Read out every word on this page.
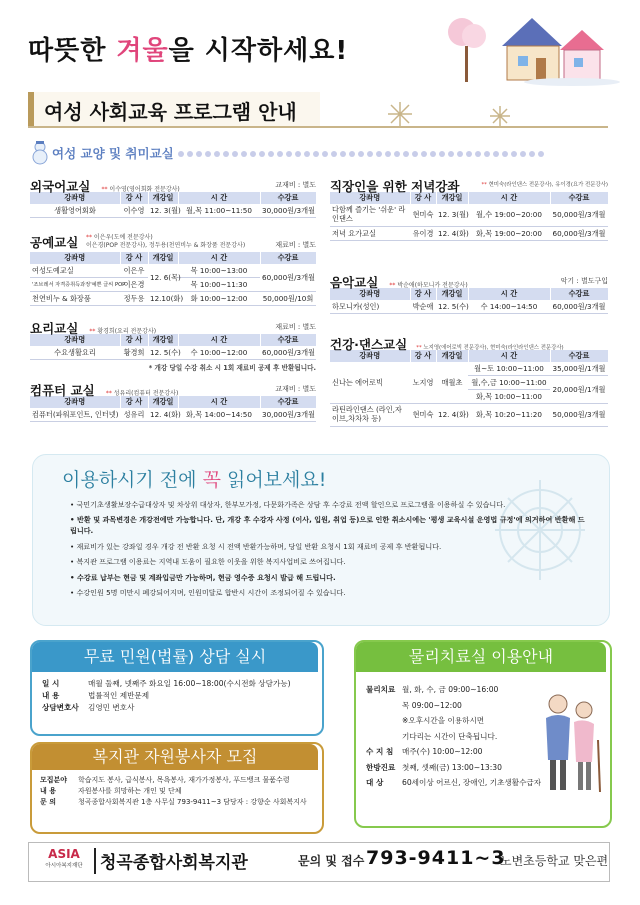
따뜻한 겨울을 시작하세요!
여성 사회교육 프로그램 안내
여성 교양 및 취미교실
외국어교실 ** 이수영(영어회화 전문강사)
교재비 : 별도
강좌명	강 사	개강일	시 간	수강료
생활영어회화	이수영	12. 3(월)	월,목 11:00~11:50	30,000원/3개월
공예교실 ** 이은우(도예 전문강사)
이은경(POP 전문강사), 정두용(천연비누 & 화장품 전문강사)	재료비 : 별도
강좌명	강 사	개강일	시 간	수강료
여성도예교실	이은우	12. 6(목)	목 10:00~13:00	60,000원/3개월
'조브레서 자격증취득과정'예쁜 글씨 POP	이은경		목 10:00~11:30	
천연비누 & 화장품	정두용	12.10(화)	화 10:00~12:00	50,000원/10회
요리교실 ** 황경희(요리 전문강사)
재료비 : 별도
강좌명	강 사	개강일	시 간	수강료
수요생활요리	황경희	12. 5(수)	수 10:00~12:00	60,000원/3개월
* 개강 당일 수강 취소 시 1회 재료비 공제 후 반환됩니다.
컴퓨터 교실 ** 성유리(컴퓨터 전문강사)
교재비 : 별도
강좌명	강 사	개강일	시 간	수강료
컴퓨터(파워포인트, 인터넷)	성유리	12. 4(화)	화,목 14:00~14:50	30,000원/3개월
직장인을 위한 저녁강좌	** 현미숙(라인댄스 전문강사), 유이경(요가 전문강사)
강좌명	강 사	개강일	시 간	수강료
다함께 즐기는 '쉬운' 라인댄스	현미숙	12. 3(월)	월,수 19:00~20:00	50,000원/3개월
저녁 요가교실	유이경	12. 4(화)	화,목 19:00~20:00	60,000원/3개월
음악교실 ** 박순애(하모니카 전문강사)
악기 : 별도구입
강좌명	강 사	개강일	시 간	수강료
하모니카(성인)	박순애	12. 5(수)	수 14:00~14:50	60,000원/3개월
건강·댄스교실 ** 노지영(에어로빅 전문강사), 현미숙(라인라인댄스 전문강사)
강좌명	강 사	개강일	시 간	수강료
신나는 에어로빅	노지영	매월초	월~토 10:00~11:00	35,000원/1개월
			월,수,금 10:00~11:00	20,000원/1개월
			화,목 10:00~11:00	
라틴라인댄스 (라인,자이브,차차차 등)	현미숙	12. 4(화)	화,목 10:20~11:20	50,000원/3개월
이용하시기 전에 꼭 읽어보세요!
• 국민기초생활보장수급대상자 및 차상위 대상자, 한부모가정, 다문화가족은 상담 후 수강료 전액 할인으로 프로그램을 이용하실 수 있습니다.
• 반환 및 과목변경은 개강전에만 가능합니다. 단, 개강 후 수강자 사정 (이사, 입원, 취업 등)으로 인한 취소시에는 '평생 교육시설 운영법 규정'에 의거하여 반환해 드립니다.
• 재료비가 있는 강좌일 경우 개강 전 반환 요청 시 전액 반환가능하며, 당일 반환 요청시 1회 재료비 공제 후 반환됩니다.
• 복지관 프로그램 이용료는 지역내 도움이 필요한 이웃을 위한 복지사업비로 쓰여집니다.
• 수강료 납부는 현금 및 계좌입금만 가능하며, 현금 영수증 요청시 발급 해 드립니다.
• 수강인원 5명 미만시 폐강되어지며, 인원미달로 합반시 시간이 조정되어질 수 있습니다.
무료 민원(법률) 상담 실시
일 시	매월 둘째, 넷째주 화요일 16:00~18:00(수시전화 상담가능)
내 용	법률적인 제반문제
상담변호사 김영민 변호사
복지관 자원봉사자 모집
모집분야 학습지도 봉사, 급식봉사, 목욕봉사, 재가가정봉사, 푸드뱅크 물품수령
내 용	자원봉사를 희망하는 개인 및 단체
문 의	청곡종합사회복지관 1층 사무실 793-9411~3 담당자 : 강향순 사회복지사
물리치료실 이용안내
물리치료 월, 화, 수, 금 09:00~16:00
목 09:00~12:00
※오후시간을 이용하시면
기다리는 시간이 단축됩니다.
수 지 침 매주(수) 10:00~12:00
한방진료 첫째, 셋째(금) 13:00~13:30
대 상 60세이상 어르신, 장애인, 기초생활수급자
ASIA
아시아복지재단	청곡종합사회복지관	문의 및 접수 793-9411~3
노변초등학교 맞은편
